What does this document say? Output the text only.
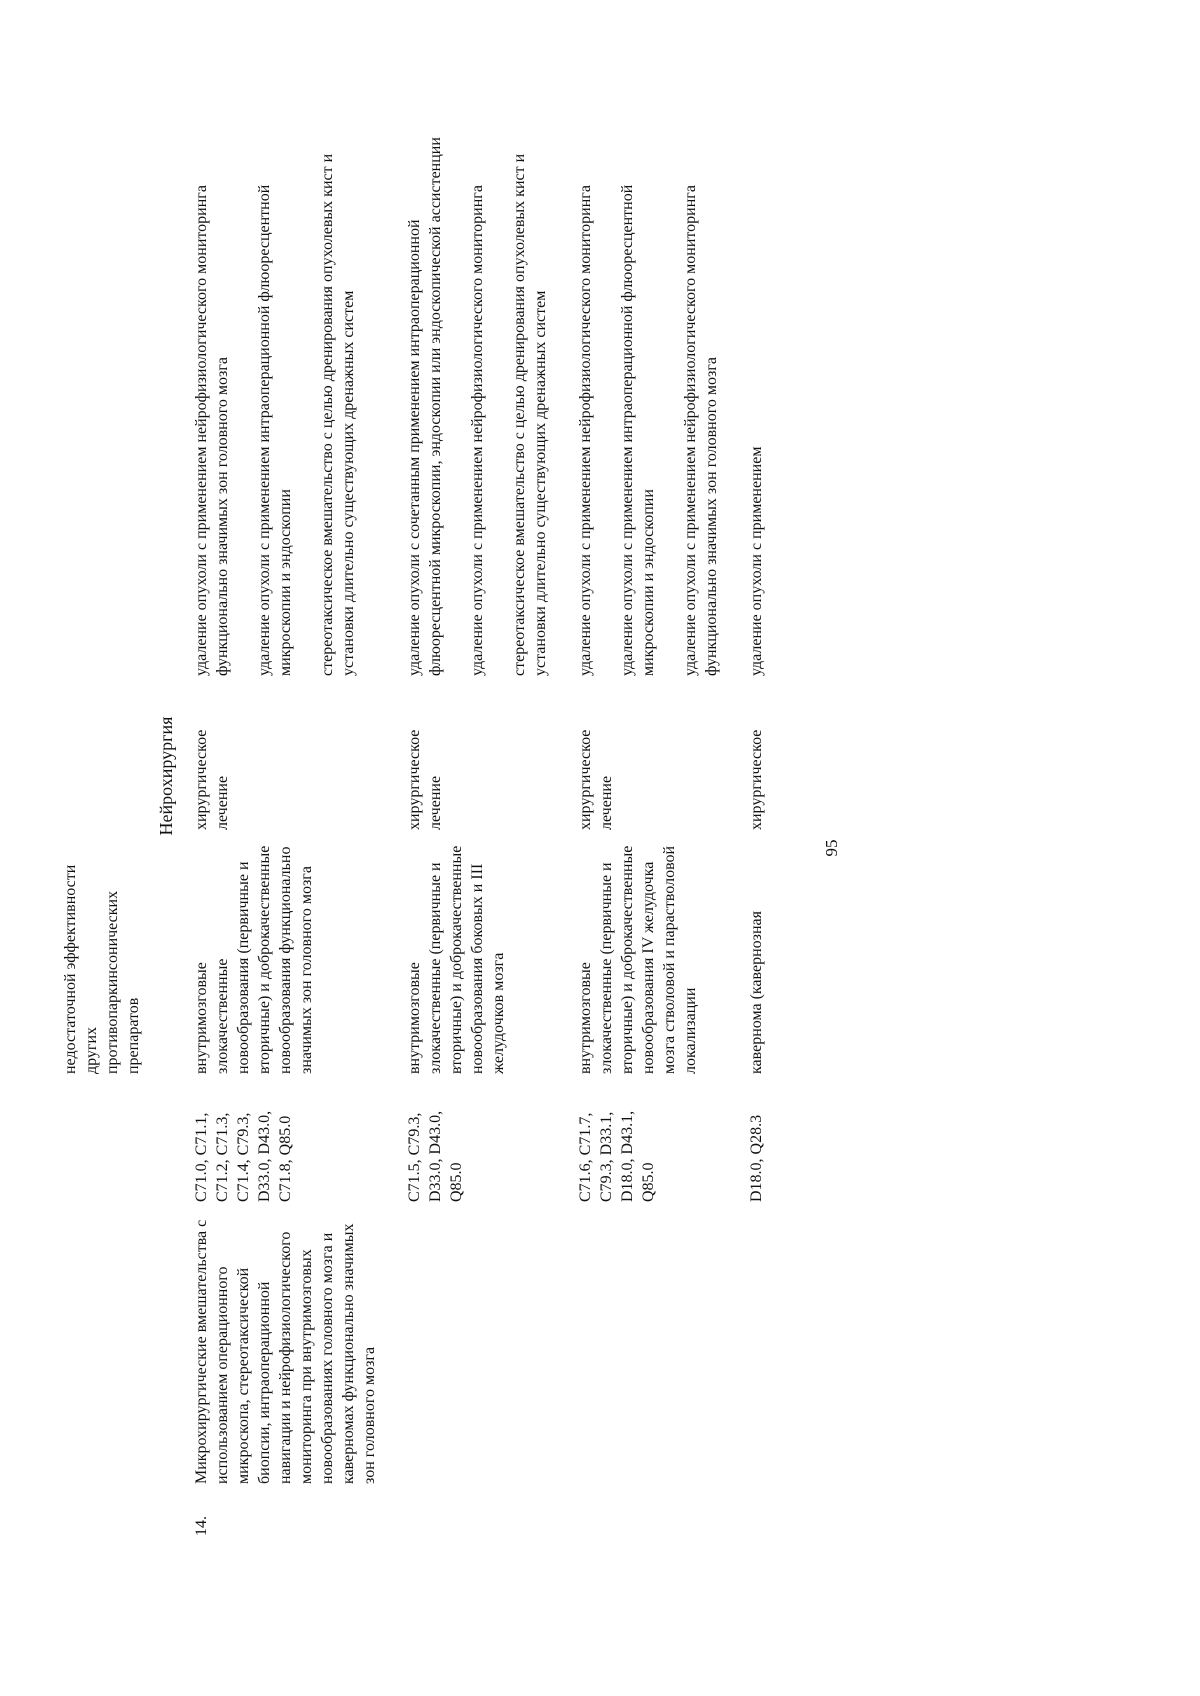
95
недостаточной эффективности других противопаркинсонических препаратов
Нейрохирургия
14.
Микрохирургические вмешательства с использованием операционного микроскопа, стереотаксической биопсии, интраоперационной навигации и нейрофизиологического мониторинга при внутримозговых новообразованиях головного мозга и каверномах функционально значимых зон головного мозга
C71.0, C71.1, C71.2, C71.3, C71.4, C79.3, D33.0, D43.0, C71.8, Q85.0
внутримозговые злокачественные новообразования (первичные и вторичные) и доброкачественные новообразования функционально значимых зон головного мозга
хирургическое лечение
удаление опухоли с применением нейрофизиологического мониторинга функционально значимых зон головного мозга удаление опухоли с применением интраоперационной флюоресцентной микроскопии и эндоскопии стереотаксическое вмешательство с целью дренирования опухолевых кист и установки длительно существующих дренажных систем
C71.5, C79.3, D33.0, D43.0, Q85.0
внутримозговые злокачественные (первичные и вторичные) и доброкачественные новообразования боковых и III желудочков мозга
хирургическое лечение
удаление опухоли с сочетанным применением интраоперационной флюоресцентной микроскопии, эндоскопии или эндоскопической ассистенции удаление опухоли с применением нейрофизиологического мониторинга стереотаксическое вмешательство с целью дренирования опухолевых кист и установки длительно существующих дренажных систем
C71.6, C71.7, C79.3, D33.1, D18.0, D43.1, Q85.0
внутримозговые злокачественные (первичные и вторичные) и доброкачественные новообразования IV желудочка мозга стволовой и парастволовой локализации
хирургическое лечение
удаление опухоли с применением нейрофизиологического мониторинга удаление опухоли с применением интраоперационной флюоресцентной микроскопии и эндоскопии удаление опухоли с применением нейрофизиологического мониторинга функционально значимых зон головного мозга
D18.0, Q28.3
кавернома (кавернозная
хирургическое
удаление опухоли с применением
